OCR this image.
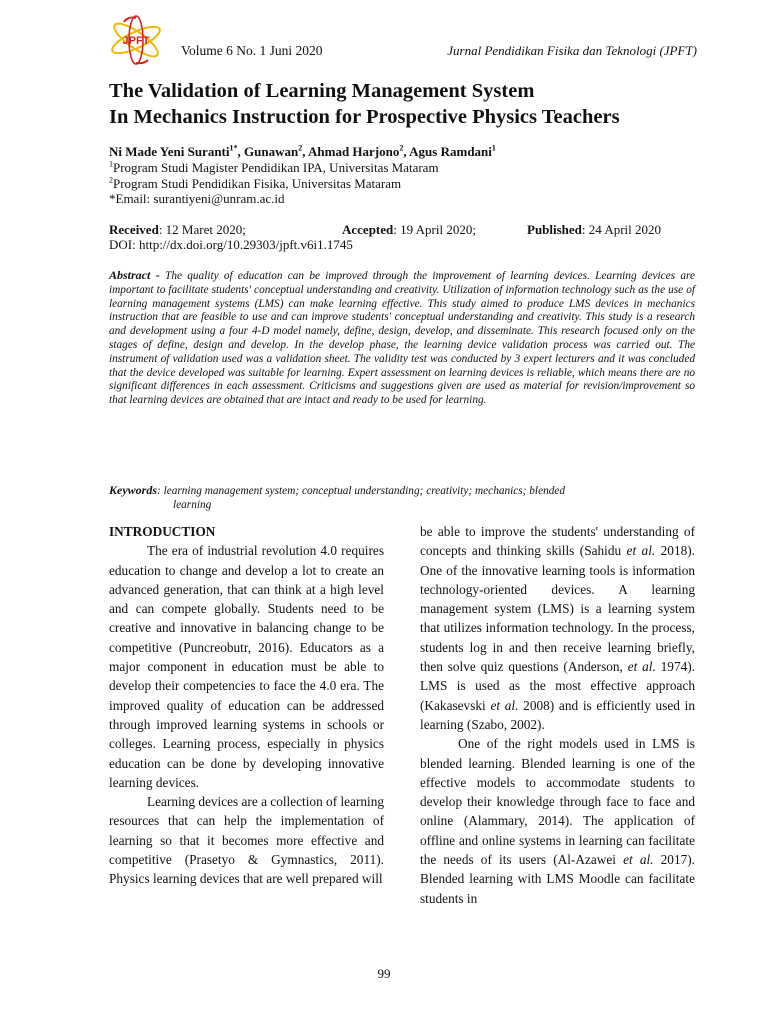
JPFT
Volume 6 No. 1 Juni 2020	Jurnal Pendidikan Fisika dan Teknologi (JPFT)
The Validation of Learning Management System
In Mechanics Instruction for Prospective Physics Teachers
Ni Made Yeni Suranti$^{1*}$, Gunawan$^2$, Ahmad Harjono$^2$, Agus Ramdani$^1$
$^1$Program Studi Magister Pendidikan IPA, Universitas Mataram
$^2$Program Studi Pendidikan Fisika, Universitas Mataram
*Email: surantiyeni@unram.ac.id
Received: 12 Maret 2020;	Accepted: 19 April 2020;	Published: 24 April 2020
DOI: http://dx.doi.org/10.29303/jpft.v6i1.1745
Abstract - The quality of education can be improved through the improvement of learning devices. Learning devices are important to facilitate students' conceptual understanding and creativity. Utilization of information technology such as the use of learning management systems (LMS) can make learning effective. This study aimed to produce LMS devices in mechanics instruction that are feasible to use and can improve students' conceptual understanding and creativity. This study is a research and development using a four 4-D model namely, define, design, develop, and disseminate. This research focused only on the stages of define, design and develop. In the develop phase, the learning device validation process was carried out. The instrument of validation used was a validation sheet. The validity test was conducted by 3 expert lecturers and it was concluded that the device developed was suitable for learning. Expert assessment on learning devices is reliable, which means there are no significant differences in each assessment. Criticisms and suggestions given are used as material for revision/improvement so that learning devices are obtained that are intact and ready to be used for learning.
Keywords: learning management system; conceptual understanding; creativity; mechanics; blended
learning
INTRODUCTION

The era of industrial revolution 4.0 requires education to change and develop a lot to create an advanced generation, that can think at a high level and can compete globally. Students need to be creative and innovative in balancing change to be competitive (Puncreobutr, 2016). Educators as a major component in education must be able to develop their competencies to face the 4.0 era. The improved quality of education can be addressed through improved learning systems in schools or colleges. Learning process, especially in physics education can be done by developing innovative learning devices.

Learning devices are a collection of learning resources that can help the implementation of learning so that it becomes more effective and competitive (Prasetyo & Gymnastics, 2011). Physics learning devices that are well prepared will

be able to improve the students' understanding of concepts and thinking skills (Sahidu et al. 2018). One of the innovative learning tools is information technology-oriented devices. A learning management system (LMS) is a learning system that utilizes information technology. In the process, students log in and then receive learning briefly, then solve quiz questions (Anderson, et al. 1974). LMS is used as the most effective approach (Kakasevski et al. 2008) and is efficiently used in learning (Szabo, 2002).

One of the right models used in LMS is blended learning. Blended learning is one of the effective models to accommodate students to develop their knowledge through face to face and online (Alammary, 2014). The application of offline and online systems in learning can facilitate the needs of its users (Al-Azawei et al. 2017). Blended learning with LMS Moodle can facilitate students in

99
